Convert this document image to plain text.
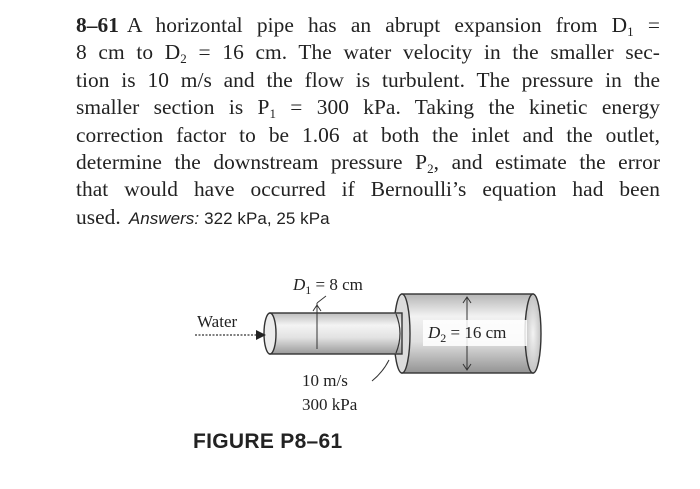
8–61 A horizontal pipe has an abrupt expansion from $D_1$ =
8 cm to $D_2 = 16$ cm. The water velocity in the smaller sec-
tion is 10 m/s and the flow is turbulent. The pressure in the
smaller section is $P_1 = 300$ kPa. Taking the kinetic energy
correction factor to be 1.06 at both the inlet and the outlet,
determine the downstream pressure $P_2$, and estimate the error
that would have occurred if Bernoulli’s equation had been
used. Answers: 322 kPa, 25 kPa
$D_1 = 8$ cm
$D_2 = 16$ cm
Water
10 m/s
300 kPa

FIGURE P8–61
